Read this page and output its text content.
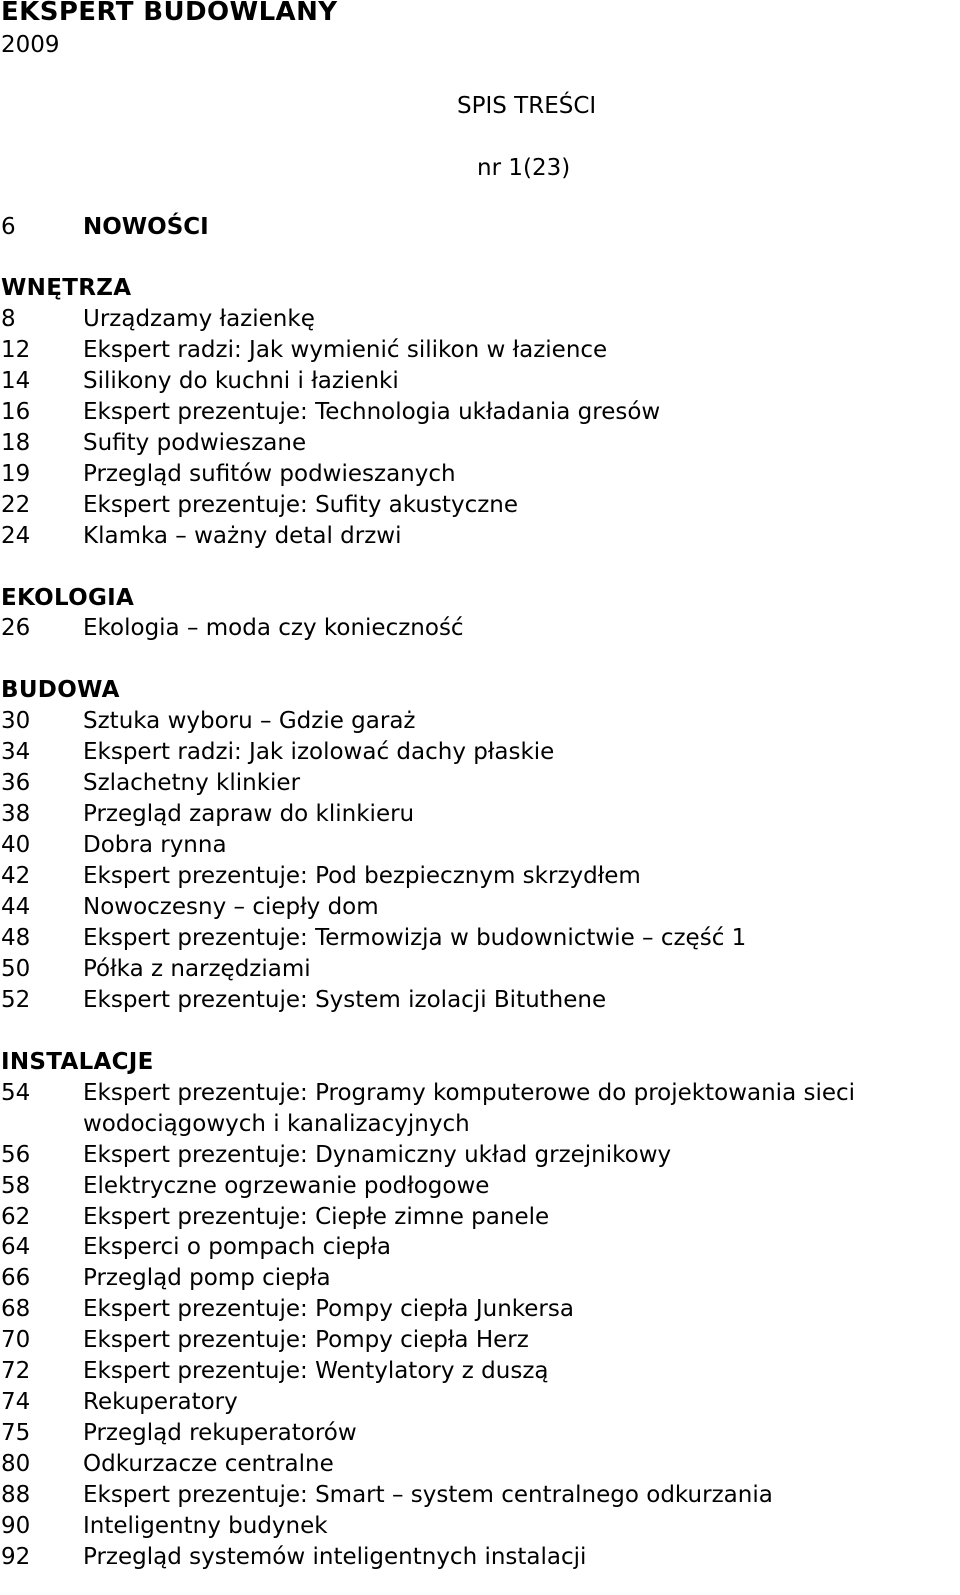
EKSPERT BUDOWLANY
2009
SPIS TREŚCI
nr 1(23)
6	NOWOŚCI
WNĘTRZA
8	Urządzamy łazienkę
12 Ekspert radzi: Jak wymienić silikon w łazience
14 Silikony do kuchni i łazienki
16 Ekspert prezentuje: Technologia układania gresów
18 Sufity podwieszane
19 Przegląd sufitów podwieszanych
22 Ekspert prezentuje: Sufity akustyczne
24 Klamka – ważny detal drzwi
EKOLOGIA
26 Ekologia – moda czy konieczność
BUDOWA
30 Sztuka wyboru – Gdzie garaż
34 Ekspert radzi: Jak izolować dachy płaskie
36 Szlachetny klinkier
38 Przegląd zapraw do klinkieru
40 Dobra rynna
42 Ekspert prezentuje: Pod bezpiecznym skrzydłem
44 Nowoczesny – ciepły dom
48 Ekspert prezentuje: Termowizja w budownictwie – część 1
50 Półka z narzędziami
52 Ekspert prezentuje: System izolacji Bituthene
INSTALACJE
54 Ekspert prezentuje: Programy komputerowe do projektowania sieci
wodociągowych i kanalizacyjnych
56 Ekspert prezentuje: Dynamiczny układ grzejnikowy
58 Elektryczne ogrzewanie podłogowe
62 Ekspert prezentuje: Ciepłe zimne panele
64 Eksperci o pompach ciepła
66 Przegląd pomp ciepła
68 Ekspert prezentuje: Pompy ciepła Junkersa
70 Ekspert prezentuje: Pompy ciepła Herz
72 Ekspert prezentuje: Wentylatory z duszą
74 Rekuperatory
75 Przegląd rekuperatorów
80 Odkurzacze centralne
88 Ekspert prezentuje: Smart – system centralnego odkurzania
90 Inteligentny budynek
92 Przegląd systemów inteligentnych instalacji
